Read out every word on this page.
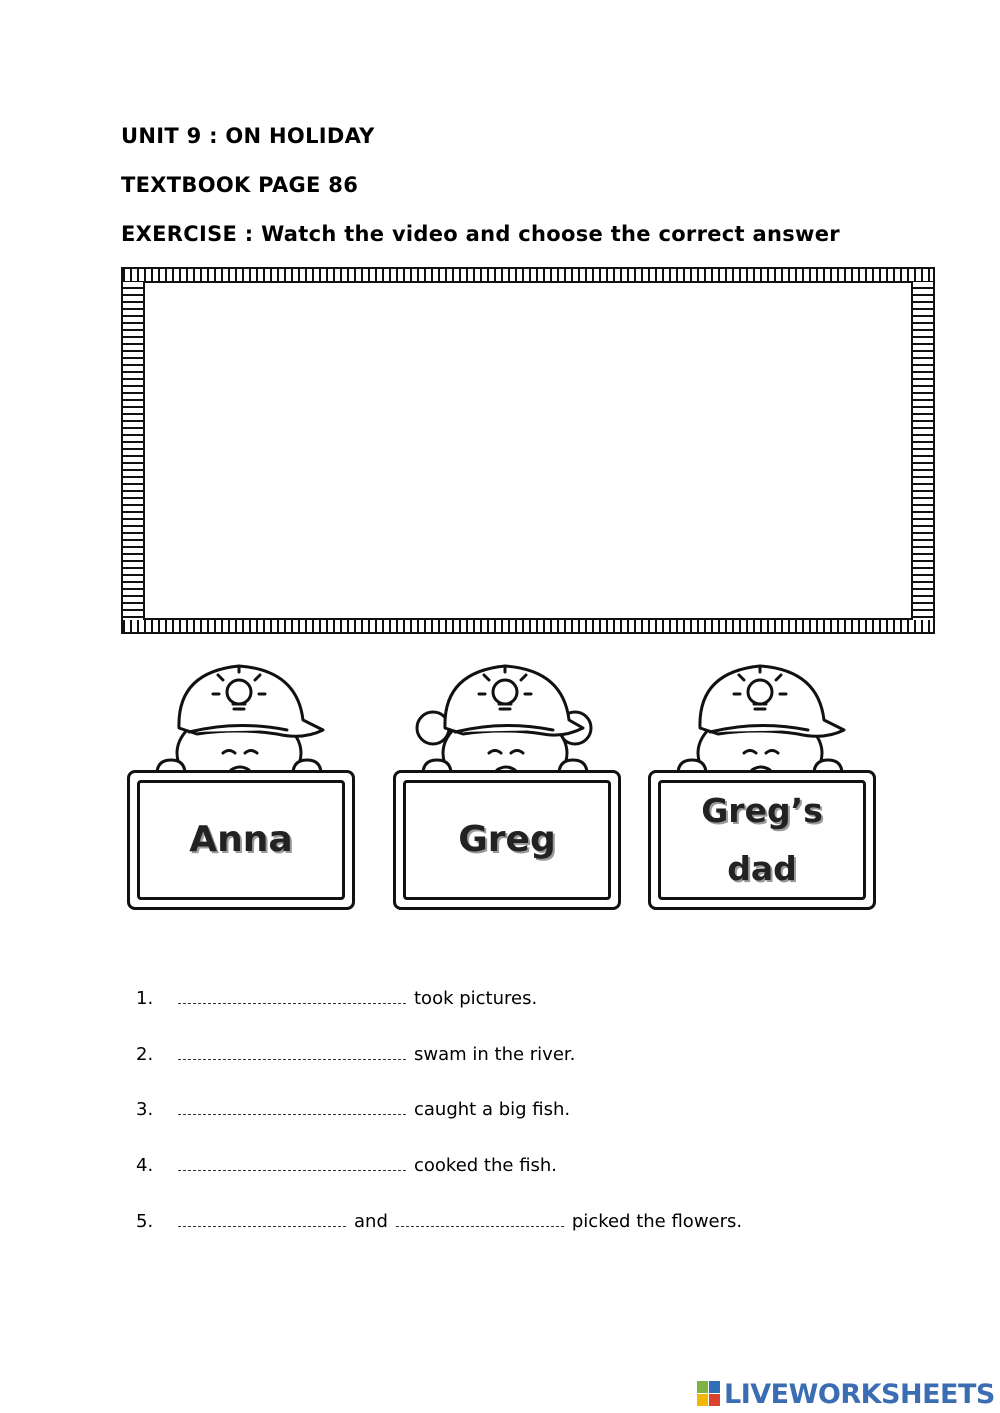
UNIT 9 : ON HOLIDAY
TEXTBOOK PAGE 86
EXERCISE : Watch the video and choose the correct answer
Anna	Greg
Greg’s
dad
1.	took pictures.
2.	swam in the river.
3.	caught a big fish.
4.	cooked the fish.
5.	and	picked the flowers.
LIVEWORKSHEETS
